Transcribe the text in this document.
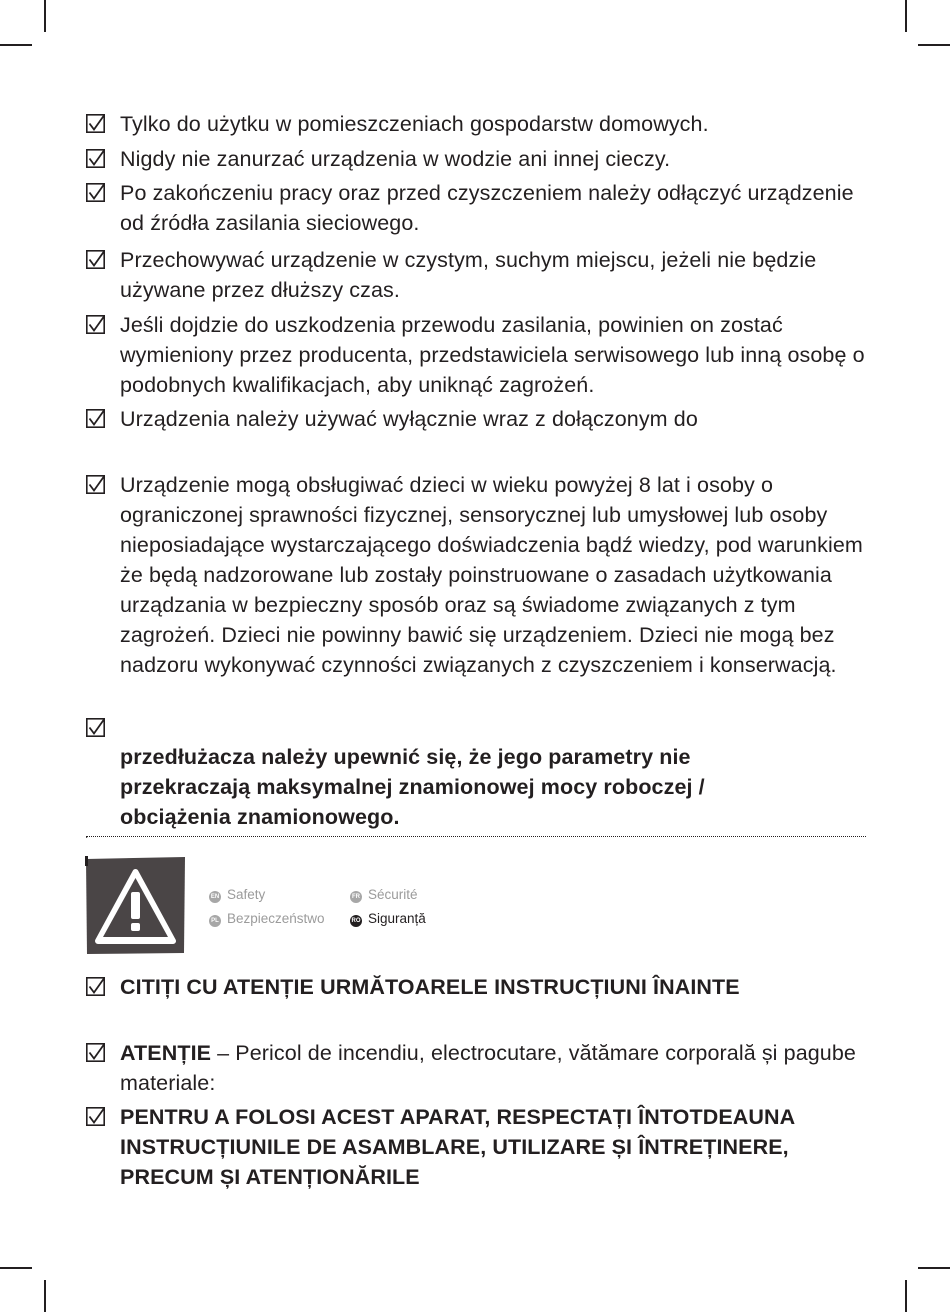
Tylko do użytku w pomieszczeniach gospodarstw domowych.
Nigdy nie zanurzać urządzenia w wodzie ani innej cieczy.
Po zakończeniu pracy oraz przed czyszczeniem należy odłączyć urządzenie od źródła zasilania sieciowego.
Przechowywać urządzenie w czystym, suchym miejscu, jeżeli nie będzie używane przez dłuższy czas.
Jeśli dojdzie do uszkodzenia przewodu zasilania, powinien on zostać wymieniony przez producenta, przedstawiciela serwisowego lub inną osobę o podobnych kwalifikacjach, aby uniknąć zagrożeń.
Urządzenia należy używać wyłącznie wraz z dołączonym do
Urządzenie mogą obsługiwać dzieci w wieku powyżej 8 lat i osoby o ograniczonej sprawności fizycznej, sensorycznej lub umysłowej lub osoby nieposiadające wystarczającego doświadczenia bądź wiedzy, pod warunkiem że będą nadzorowane lub zostały poinstruowane o zasadach użytkowania urządzania w bezpieczny sposób oraz są świadome związanych z tym zagrożeń. Dzieci nie powinny bawić się urządzeniem. Dzieci nie mogą bez nadzoru wykonywać czynności związanych z czyszczeniem i konserwacją.
przedłużacza należy upewnić się, że jego parametry nie przekraczają maksymalnej znamionowej mocy roboczej / obciążenia znamionowego.
·
EN Safety	FR Sécurité
PL Bezpieczeństwo	RO Siguranță
CITIȚI CU ATENȚIE URMĂTOARELE INSTRUCȚIUNI ÎNAINTE
ATENȚIE – Pericol de incendiu, electrocutare, vătămare corporală și pagube materiale:
PENTRU A FOLOSI ACEST APARAT, RESPECTAȚI ÎNTOTDEAUNA INSTRUCȚIUNILE DE ASAMBLARE, UTILIZARE ȘI ÎNTREȚINERE, PRECUM ȘI ATENȚIONĂRILE
